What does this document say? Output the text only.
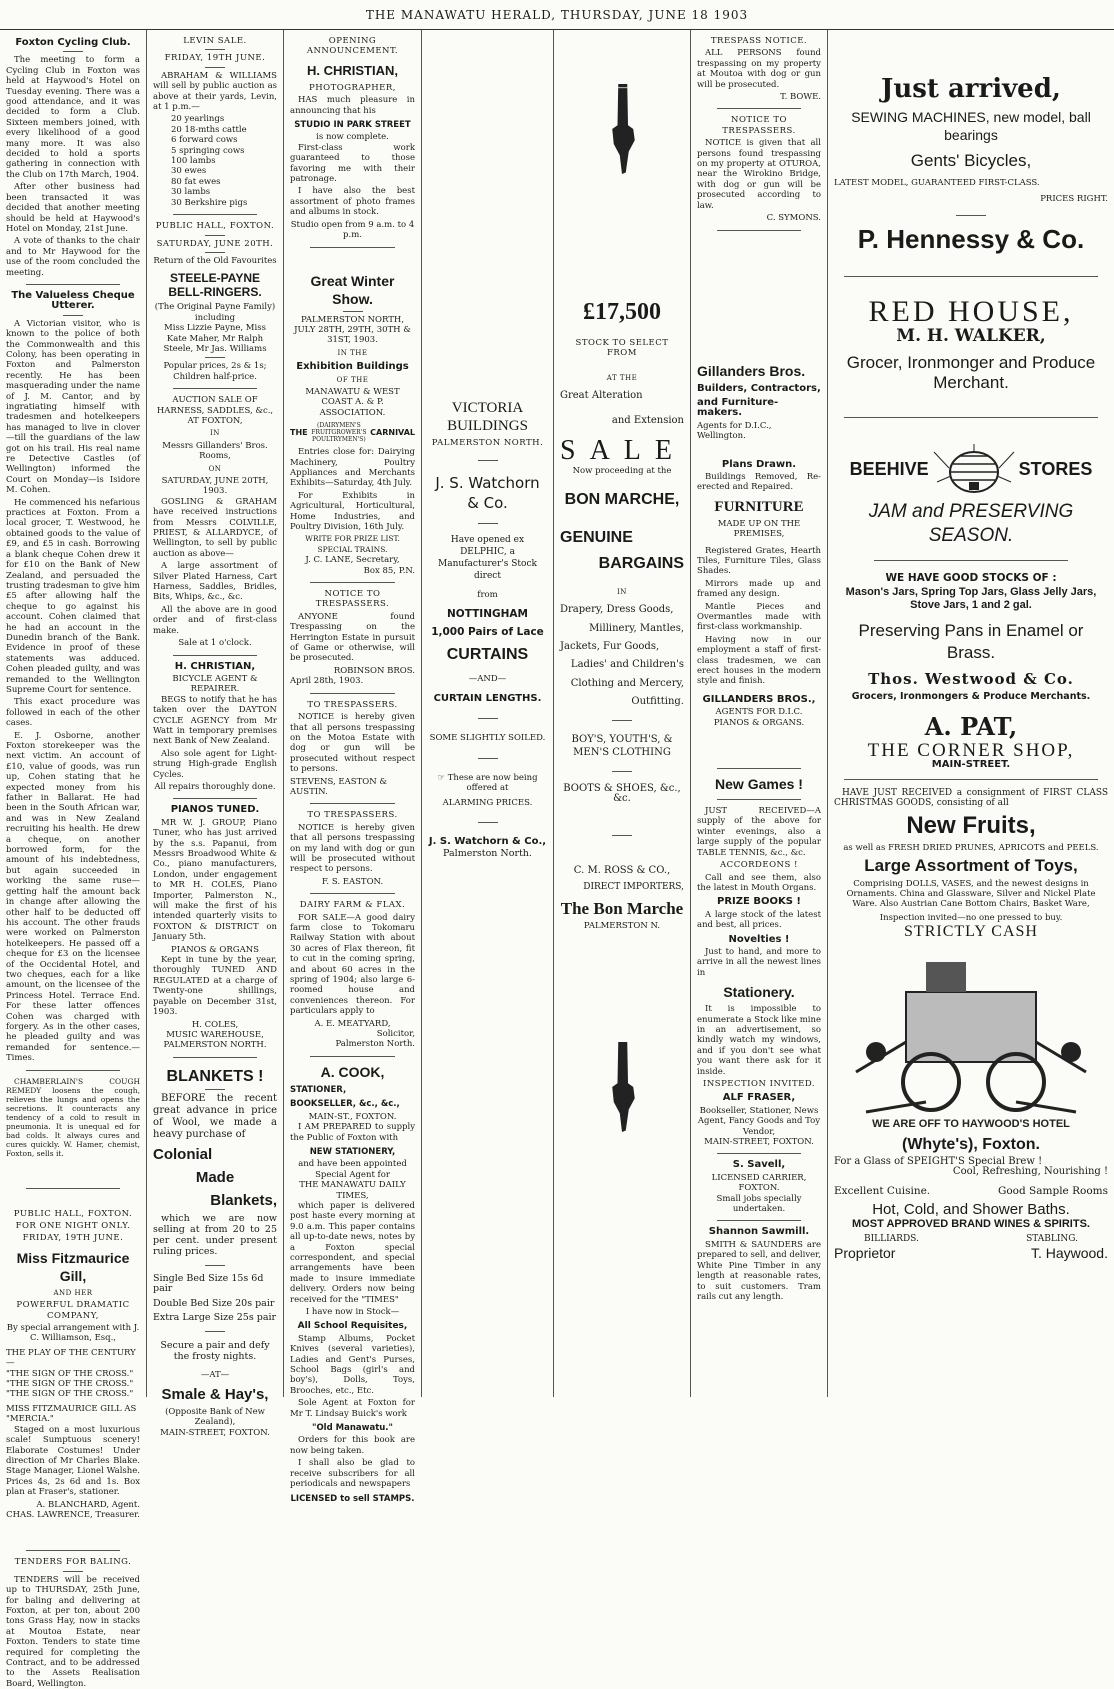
THE MANAWATU HERALD, THURSDAY, JUNE 18 1903
Foxton Cycling Club.

The meeting to form a Cycling Club in Foxton was held at Haywood's Hotel on Tuesday evening. There was a good attendance, and it was decided to form a Club. Sixteen members joined, with every likelihood of a good many more. It was also decided to hold a sports gathering in connection with the Club on 17th March, 1904.

After other business had been transacted it was decided that another meeting should be held at Haywood's Hotel on Monday, 21st June.

A vote of thanks to the chair and to Mr Haywood for the use of the room concluded the meeting.

The Valueless Cheque Utterer.

A Victorian visitor, who is known to the police of both the Commonwealth and this Colony, has been operating in Foxton and Palmerston recently. He has been masquerading under the name of J. M. Cantor, and by ingratiating himself with tradesmen and hotelkeepers has managed to live in clover—till the guardians of the law got on his trail. His real name re Detective Castles (of Wellington) informed the Court on Monday—is Isidore M. Cohen.

He commenced his nefarious practices at Foxton. From a local grocer, T. Westwood, he obtained goods to the value of £9, and £5 in cash. Borrowing a blank cheque Cohen drew it for £10 on the Bank of New Zealand, and persuaded the trusting tradesman to give him £5 after allowing half the cheque to go against his account. Cohen claimed that he had an account in the Dunedin branch of the Bank. Evidence in proof of these statements was adduced. Cohen pleaded guilty, and was remanded to the Wellington Supreme Court for sentence.

This exact procedure was followed in each of the other cases.

E. J. Osborne, another Foxton storekeeper was the next victim. An account of £10, value of goods, was run up, Cohen stating that he expected money from his father in Ballarat. He had been in the South African war, and was in New Zealand recruiting his health. He drew a cheque, on another borrowed form, for the amount of his indebtedness, but again succeeded in working the same ruse—getting half the amount back in change after allowing the other half to be deducted off his account. The other frauds were worked on Palmerston hotelkeepers. He passed off a cheque for £3 on the licensee of the Occidental Hotel, and two cheques, each for a like amount, on the licensee of the Princess Hotel. Terrace End. For these latter offences Cohen was charged with forgery. As in the other cases, he pleaded guilty and was remanded for sentence.—Times.

CHAMBERLAIN'S COUGH REMEDY loosens the cough, relieves the lungs and opens the secretions. It counteracts any tendency of a cold to result in pneumonia. It is unequal ed for bad colds. It always cures and cures quickly. W. Hamer, chemist, Foxton, sells it.

PUBLIC HALL, FOXTON.
FOR ONE NIGHT ONLY.
FRIDAY, 19TH JUNE.
Miss Fitzmaurice Gill,
AND HER
POWERFUL DRAMATIC COMPANY,
By special arrangement with J. C. Williamson, Esq.,
THE PLAY OF THE CENTURY—
"THE SIGN OF THE CROSS."
"THE SIGN OF THE CROSS."
"THE SIGN OF THE CROSS."
MISS FITZMAURICE GILL AS "MERCIA."

Staged on a most luxurious scale! Sumptuous scenery! Elaborate Costumes! Under direction of Mr Charles Blake. Stage Manager, Lionel Walshe. Prices 4s, 2s 6d and 1s. Box plan at Fraser's, stationer.

A. BLANCHARD, Agent.
CHAS. LAWRENCE, Treasurer.
TENDERS FOR BALING.

TENDERS will be received up to THURSDAY, 25th June, for baling and delivering at Foxton, at per ton, about 200 tons Grass Hay, now in stacks at Moutoa Estate, near Foxton. Tenders to state time required for completing the Contract, and to be addressed to the Assets Realisation Board, Wellington.

LEVIN SALE.
FRIDAY, 19TH JUNE.

ABRAHAM & WILLIAMS will sell by public auction as above at their yards, Levin, at 1 p.m.—

20 yearlings
20 18-mths cattle
6 forward cows
5 springing cows
100 lambs
30 ewes
80 fat ewes
30 lambs
30 Berkshire pigs
PUBLIC HALL, FOXTON.
SATURDAY, JUNE 20TH.
Return of the Old Favourites
STEELE-PAYNE BELL-RINGERS.
(The Original Payne Family) including
Miss Lizzie Payne, Miss Kate Maher, Mr Ralph Steele, Mr Jas. Williams
Popular prices, 2s & 1s; Children half-price.
AUCTION SALE OF HARNESS, SADDLES, &c., AT FOXTON,
IN
Messrs Gillanders' Bros. Rooms,
ON
SATURDAY, JUNE 20TH, 1903.

GOSLING & GRAHAM have received instructions from Messrs COLVILLE, PRIEST, & ALLARDYCE, of Wellington, to sell by public auction as above—

A large assortment of Silver Plated Harness, Cart Harness, Saddles, Bridles, Bits, Whips, &c., &c.

All the above are in good order and of first-class make.

Sale at 1 o'clock.
H. CHRISTIAN,
BICYCLE AGENT & REPAIRER.

BEGS to notify that he has taken over the DAYTON CYCLE AGENCY from Mr Watt in temporary premises next Bank of New Zealand.

Also sole agent for Light-strung High-grade English Cycles.

All repairs thoroughly done.
PIANOS TUNED.

MR W. J. GROUP, Piano Tuner, who has just arrived by the s.s. Papanui, from Messrs Broadwood White & Co., piano manufacturers, London, under engagement to MR H. COLES, Piano Importer, Palmerston N., will make the first of his intended quarterly visits to FOXTON & DISTRICT on January 5th.

PIANOS & ORGANS

Kept in tune by the year, thoroughly TUNED AND REGULATED at a charge of Twenty-one shillings, payable on December 31st, 1903.

H. COLES,
MUSIC WAREHOUSE,
PALMERSTON NORTH.
BLANKETS !

BEFORE the recent great advance in price of Wool, we made a heavy purchase of

Colonial
Made
Blankets,

which we are now selling at from 20 to 25 per cent. under present ruling prices.

Single Bed Size 15s 6d pair
Double Bed Size 20s pair
Extra Large Size 25s pair
Secure a pair and defy the frosty nights.
—AT—
Smale & Hay's,
(Opposite Bank of New Zealand),
MAIN-STREET, FOXTON.
OPENING ANNOUNCEMENT.
H. CHRISTIAN,
PHOTOGRAPHER,

HAS much pleasure in announcing that his

STUDIO IN PARK STREET
is now complete.

First-class work guaranteed to those favoring me with their patronage.

I have also the best assortment of photo frames and albums in stock.

Studio open from 9 a.m. to 4 p.m.
Great Winter Show.
PALMERSTON NORTH, JULY 28TH, 29TH, 30TH & 31ST, 1903.
IN THE
Exhibition Buildings
OF THE
MANAWATU & WEST COAST A. & P. ASSOCIATION.
THE
(DAIRYMEN'S FRUITGROWER'S POULTRYMEN'S)
CARNIVAL

Entries close for: Dairying Machinery, Poultry Appliances and Merchants Exhibits—Saturday, 4th July.

For Exhibits in Agricultural, Horticultural, Home Industries, and Poultry Division, 16th July.

WRITE FOR PRIZE LIST. SPECIAL TRAINS.
J. C. LANE, Secretary,
Box 85, P.N.
NOTICE TO TRESPASSERS.

ANYONE found Trespassing on the Herrington Estate in pursuit of Game or otherwise, will be prosecuted.

ROBINSON BROS.
April 28th, 1903.
TO TRESPASSERS.

NOTICE is hereby given that all persons trespassing on the Motoa Estate with dog or gun will be prosecuted without respect to persons.

STEVENS, EASTON & AUSTIN.
TO TRESPASSERS.

NOTICE is hereby given that all persons trespassing on my land with dog or gun will be prosecuted without respect to persons.

F. S. EASTON.
DAIRY FARM & FLAX.

FOR SALE—A good dairy farm close to Tokomaru Railway Station with about 30 acres of Flax thereon, fit to cut in the coming spring, and about 60 acres in the spring of 1904; also large 6-roomed house and conveniences thereon. For particulars apply to

A. E. MEATYARD,
Solicitor,
Palmerston North.
A. COOK,
STATIONER,
BOOKSELLER, &c., &c.,
MAIN-ST., FOXTON.

I AM PREPARED to supply the Public of Foxton with

NEW STATIONERY,
and have been appointed Special Agent for
THE MANAWATU DAILY TIMES,

which paper is delivered post haste every morning at 9.0 a.m. This paper contains all up-to-date news, notes by a Foxton special correspondent, and special arrangements have been made to insure immediate delivery. Orders now being received for the "TIMES"

I have now in Stock—
All School Requisites,

Stamp Albums, Pocket Knives (several varieties), Ladies and Gent's Purses, School Bags (girl's and boy's), Dolls, Toys, Brooches, etc., Etc.

Sole Agent at Foxton for Mr T. Lindsay Buick's work

"Old Manawatu."

Orders for this book are now being taken.

I shall also be glad to receive subscribers for all periodicals and newspapers

LICENSED to sell STAMPS.
VICTORIA BUILDINGS
PALMERSTON NORTH.
J. S. Watchorn
& Co.
Have opened ex DELPHIC, a Manufacturer's Stock direct
from
NOTTINGHAM
1,000 Pairs of Lace
CURTAINS
—AND—
CURTAIN LENGTHS.
SOME SLIGHTLY SOILED.
☞ These are now being offered at
ALARMING PRICES.
J. S. Watchorn & Co.,
Palmerston North.
£17,500
STOCK TO SELECT FROM
AT THE
Great Alteration
and Extension
SALE
Now proceeding at the
BON MARCHE,
GENUINE
BARGAINS
IN
Drapery, Dress Goods,
Millinery, Mantles,
Jackets, Fur Goods,
Ladies' and Children's
Clothing and Mercery,
Outfitting.
BOY'S, YOUTH'S, & MEN'S CLOTHING
BOOTS & SHOES, &c., &c.
C. M. ROSS & CO.,
DIRECT IMPORTERS,
The Bon Marche
PALMERSTON N.
TRESPASS NOTICE.

ALL PERSONS found trespassing on my property at Moutoa with dog or gun will be prosecuted.

T. BOWE.
NOTICE TO TRESPASSERS.

NOTICE is given that all persons found trespassing on my property at OTUROA, near the Wirokino Bridge, with dog or gun will be prosecuted according to law.

C. SYMONS.
Gillanders Bros.
Builders, Contractors,
and Furniture-makers.
Agents for D.I.C., Wellington.
Plans Drawn.

Buildings Removed, Re-erected and Repaired.

FURNITURE
MADE UP ON THE PREMISES,

Registered Grates, Hearth Tiles, Furniture Tiles, Glass Shades.

Mirrors made up and framed any design.

Mantle Pieces and Overmantles made with first-class workmanship.

Having now in our employment a staff of first-class tradesmen, we can erect houses in the modern style and finish.

GILLANDERS BROS.,
AGENTS FOR D.I.C. PIANOS & ORGANS.
New Games !

JUST RECEIVED—A supply of the above for winter evenings, also a large supply of the popular TABLE TENNIS, &c., &c.

ACCORDEONS !

Call and see them, also the latest in Mouth Organs.

PRIZE BOOKS !

A large stock of the latest and best, all prices.

Novelties !

Just to hand, and more to arrive in all the newest lines in

Stationery.

It is impossible to enumerate a Stock like mine in an advertisement, so kindly watch my windows, and if you don't see what you want there ask for it inside.

INSPECTION INVITED.
ALF FRASER,
Bookseller, Stationer, News Agent, Fancy Goods and Toy Vendor,
MAIN-STREET, FOXTON.
S. Savell,
LICENSED CARRIER,
FOXTON.
Small jobs specially undertaken.
Shannon Sawmill.

SMITH & SAUNDERS are prepared to sell, and deliver, White Pine Timber in any length at reasonable rates, to suit customers. Tram rails cut any length.

Just arrived,
SEWING MACHINES, new model, ball bearings
Gents' Bicycles,
LATEST MODEL, GUARANTEED FIRST-CLASS.
PRICES RIGHT.
P. Hennessy & Co.
RED HOUSE,
M. H. WALKER,
Grocer, Ironmonger and Produce Merchant.
BEEHIVE	STORES
JAM and PRESERVING SEASON.
WE HAVE GOOD STOCKS OF :
Mason's Jars, Spring Top Jars, Glass Jelly Jars, Stove Jars, 1 and 2 gal.
Preserving Pans in Enamel or Brass.
Thos. Westwood & Co.
Grocers, Ironmongers & Produce Merchants.
A. PAT,
THE CORNER SHOP,
MAIN-STREET.

HAVE JUST RECEIVED a consignment of FIRST CLASS CHRISTMAS GOODS, consisting of all

New Fruits,
as well as FRESH DRIED PRUNES, APRICOTS and PEELS.
Large Assortment of Toys,
Comprising DOLLS, VASES, and the newest designs in Ornaments. China and Glassware, Silver and Nickel Plate Ware. Also Austrian Cane Bottom Chairs, Basket Ware,
Inspection invited—no one pressed to buy.
STRICTLY CASH
WE ARE OFF TO HAYWOOD'S HOTEL
(Whyte's), Foxton.
For a Glass of SPEIGHT'S Special Brew !
Cool, Refreshing, Nourishing !
Excellent Cuisine.	Good Sample Rooms
Hot, Cold, and Shower Baths.
MOST APPROVED BRAND WINES & SPIRITS.
BILLIARDS.	STABLING.
Proprietor	T. Haywood.
